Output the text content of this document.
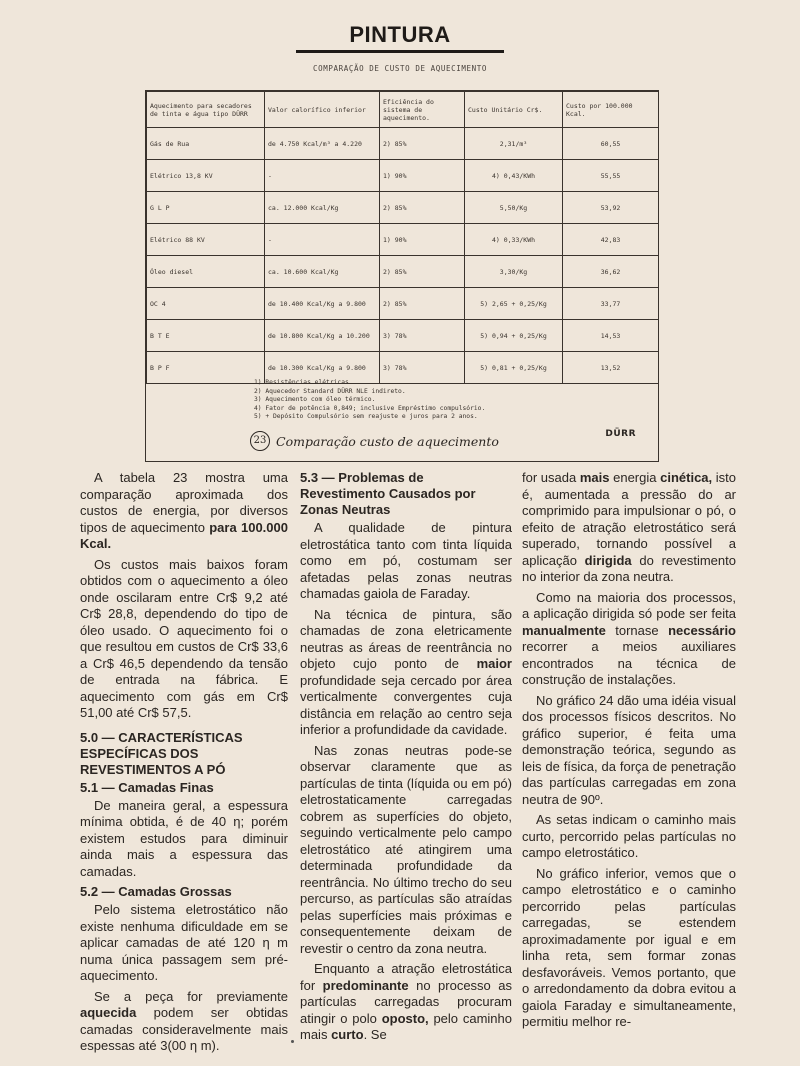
PINTURA
COMPARAÇÃO DE CUSTO DE AQUECIMENTO
Aquecimento para secadores de tinta e água tipo DÜRR	Valor calorífico inferior	Eficiência do sistema de aquecimento.	Custo Unitário Cr$.	Custo por 100.000 Kcal.
Gás de Rua	de 4.750 Kcal/m³ a 4.220	2) 85%	2,31/m³	60,55
Elétrico 13,8 KV	-	1) 90%	4) 0,43/KWh	55,55
G L P	ca. 12.000 Kcal/Kg	2) 85%	5,50/Kg	53,92
Elétrico 88 KV	-	1) 90%	4) 0,33/KWh	42,83
Óleo diesel	ca. 10.600 Kcal/Kg	2) 85%	3,30/Kg	36,62
OC 4	de 10.400 Kcal/Kg a 9.800	2) 85%	5) 2,65 + 0,25/Kg	33,77
B T E	de 10.800 Kcal/Kg a 10.200	3) 78%	5) 0,94 + 0,25/Kg	14,53
B P F	de 10.300 Kcal/Kg a 9.800	3) 78%	5) 0,81 + 0,25/Kg	13,52
1) Resistências elétricas.
2) Aquecedor Standard DÜRR NLE indireto.
3) Aquecimento com óleo térmico.
4) Fator de potência 0,849; inclusive Empréstimo compulsório.
5) + Depósito Compulsório sem reajuste e juros para 2 anos.
23 Comparação custo de aquecimento	DÜRR

A tabela 23 mostra uma comparação aproximada dos custos de energia, por diversos tipos de aquecimento para 100.000 Kcal.

Os custos mais baixos foram obtidos com o aquecimento a óleo onde oscilaram entre Cr$ 9,2 até Cr$ 28,8, dependendo do tipo de óleo usado. O aquecimento foi o que resultou em custos de Cr$ 33,6 a Cr$ 46,5 dependendo da tensão de entrada na fábrica. E aquecimento com gás em Cr$ 51,00 até Cr$ 57,5.

5.0 — CARACTERÍSTICAS ESPECÍFICAS DOS REVESTIMENTOS A PÓ
5.1 — Camadas Finas

De maneira geral, a espessura mínima obtida, é de 40 η; porém existem estudos para diminuir ainda mais a espessura das camadas.

5.2 — Camadas Grossas

Pelo sistema eletrostático não existe nenhuma dificuldade em se aplicar camadas de até 120 η m numa única passagem sem pré-aquecimento.

Se a peça for previamente aquecida podem ser obtidas camadas consideravelmente mais espessas até 3(00 η m).

5.3 — Problemas de Revestimento Causados por Zonas Neutras

A qualidade de pintura eletrostática tanto com tinta líquida como em pó, costumam ser afetadas pelas zonas neutras chamadas gaiola de Faraday.

Na técnica de pintura, são chamadas de zona eletricamente neutras as áreas de reentrância no objeto cujo ponto de maior profundidade seja cercado por área verticalmente convergentes cuja distância em relação ao centro seja inferior a profundidade da cavidade.

Nas zonas neutras pode-se observar claramente que as partículas de tinta (líquida ou em pó) eletrostaticamente carregadas cobrem as superfícies do objeto, seguindo verticalmente pelo campo eletrostático até atingirem uma determinada profundidade da reentrância. No último trecho do seu percurso, as partículas são atraídas pelas superfícies mais próximas e consequentemente deixam de revestir o centro da zona neutra.

Enquanto a atração eletrostática for predominante no processo as partículas carregadas procuram atingir o polo oposto, pelo caminho mais curto. Se

for usada mais energia cinética, isto é, aumentada a pressão do ar comprimido para impulsionar o pó, o efeito de atração eletrostático será superado, tornando possível a aplicação dirigida do revestimento no interior da zona neutra.

Como na maioria dos processos, a aplicação dirigida só pode ser feita manualmente tornase necessário recorrer a meios auxiliares encontrados na técnica de construção de instalações.

No gráfico 24 dão uma idéia visual dos processos físicos descritos. No gráfico superior, é feita uma demonstração teórica, segundo as leis de física, da força de penetração das partículas carregadas em zona neutra de 90º.

As setas indicam o caminho mais curto, percorrido pelas partículas no campo eletrostático.

No gráfico inferior, vemos que o campo eletrostático e o caminho percorrido pelas partículas carregadas, se estendem aproximadamente por igual e em linha reta, sem formar zonas desfavoráveis. Vemos portanto, que o arredondamento da dobra evitou a gaiola Faraday e simultaneamente, permitiu melhor re-
